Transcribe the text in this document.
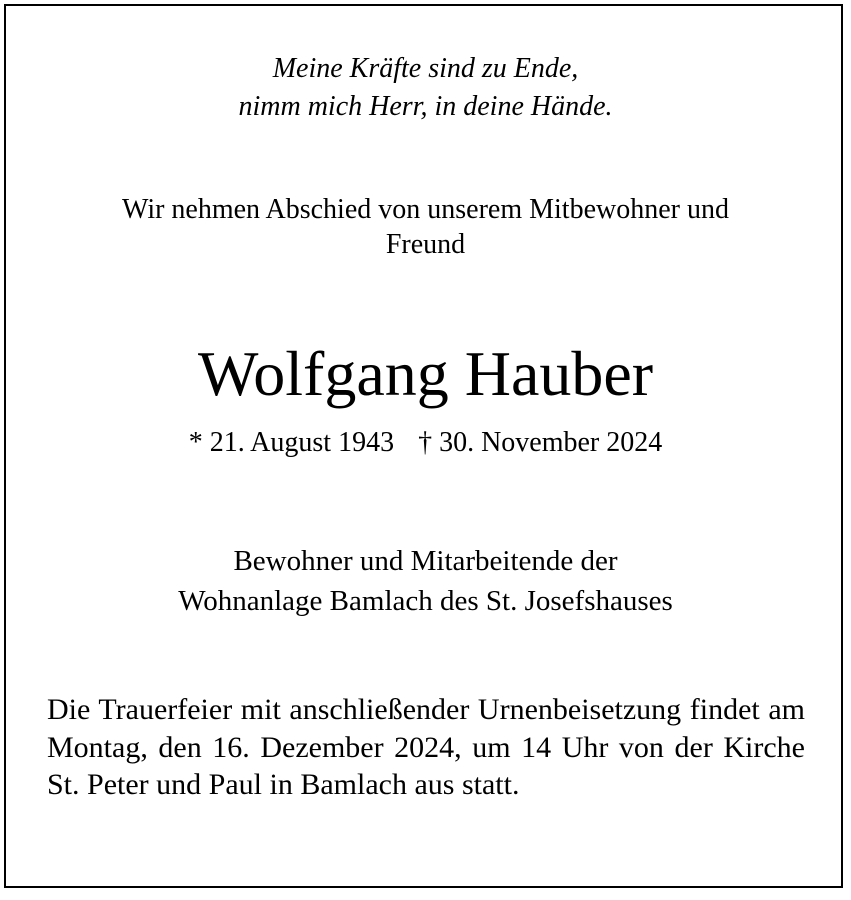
Meine Kräfte sind zu Ende,
nimm mich Herr, in deine Hände.
Wir nehmen Abschied von unserem Mitbewohner und
Freund
Wolfgang Hauber
* 21. August 1943 † 30. November 2024
Bewohner und Mitarbeitende der
Wohnanlage Bamlach des St. Josefshauses
Die Trauerfeier mit anschließender Urnenbeisetzung findet am Montag, den 16. Dezember 2024, um 14 Uhr von der Kirche St. Peter und Paul in Bamlach aus statt.
